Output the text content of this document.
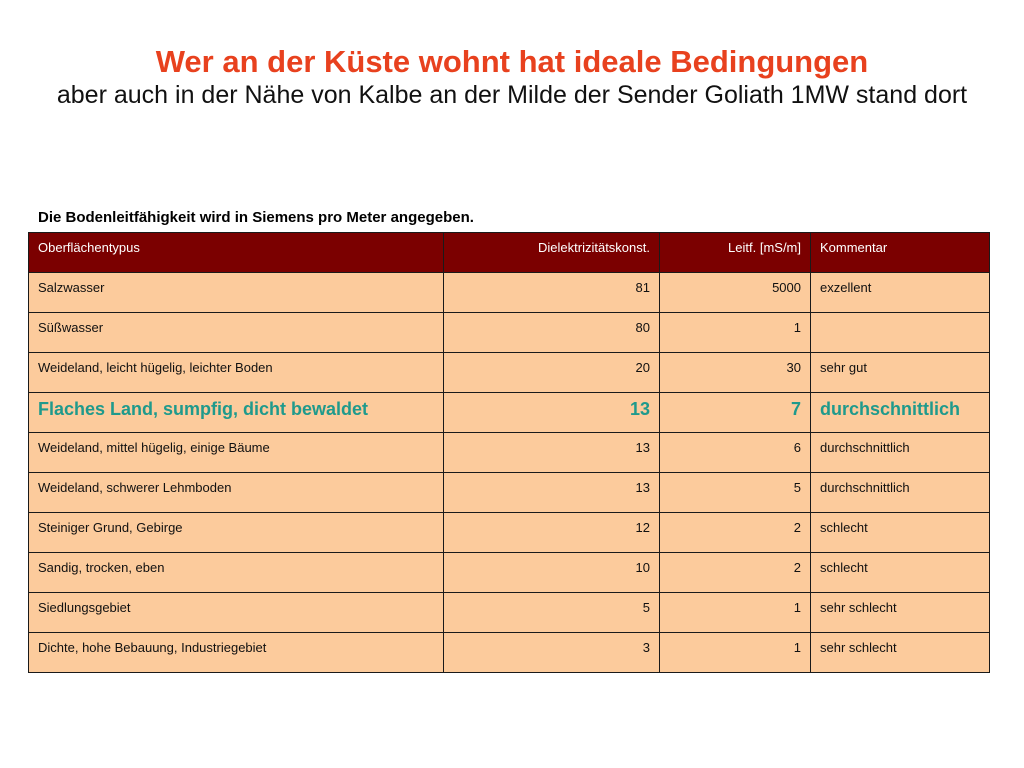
Wer an der Küste wohnt hat ideale Bedingungen

aber auch in der Nähe von Kalbe an der Milde der Sender Goliath 1MW stand dort

Die Bodenleitfähigkeit wird in Siemens pro Meter angegeben.
Oberflächentypus	Dielektrizitätskonst.	Leitf. [mS/m]	Kommentar
Salzwasser	81	5000	exzellent
Süßwasser	80	1	
Weideland, leicht hügelig, leichter Boden	20	30	sehr gut
Flaches Land, sumpfig, dicht bewaldet	13	7	durchschnittlich
Weideland, mittel hügelig, einige Bäume	13	6	durchschnittlich
Weideland, schwerer Lehmboden	13	5	durchschnittlich
Steiniger Grund, Gebirge	12	2	schlecht
Sandig, trocken, eben	10	2	schlecht
Siedlungsgebiet	5	1	sehr schlecht
Dichte, hohe Bebauung, Industriegebiet	3	1	sehr schlecht
